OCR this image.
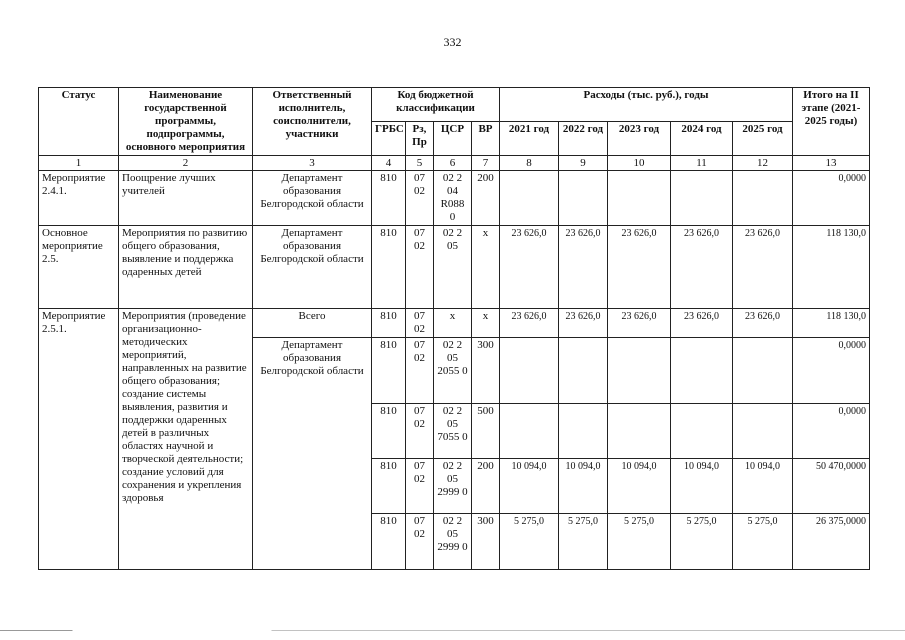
332
Статус	Наименование государственной программы, подпрограммы, основного мероприятия	Ответственный исполнитель, соисполнители, участники	Код бюджетной классификации				Расходы (тыс. руб.), годы					Итого на II этапе (2021-2025 годы)
			ГРБС	Рз, Пр	ЦСР	ВР	2021 год	2022 год	2023 год	2024 год	2025 год	
1	2	3	4	5	6	7	8	9	10	11	12	13
Мероприятие 2.4.1.	Поощрение лучших учителей	Департамент образования Белгородской области	810	07 02	02 2 04 R088 0	200						0,0000
Основное мероприятие 2.5.	Мероприятия по развитию общего образования, выявление и поддержка одаренных детей	Департамент образования Белгородской области	810	07 02	02 2 05	x	23 626,0	23 626,0	23 626,0	23 626,0	23 626,0	118 130,0
Мероприятие 2.5.1.	Мероприятия (проведение организационно-методических мероприятий, направленных на развитие общего образования; создание системы выявления, развития и поддержки одаренных детей в различных областях научной и творческой деятельности; создание условий для сохранения и укрепления здоровья	Всего	810	07 02	x	x	23 626,0	23 626,0	23 626,0	23 626,0	23 626,0	118 130,0
		Департамент образования Белгородской области	810	07 02	02 2 05 2055 0	300						0,0000
			810	07 02	02 2 05 7055 0	500						0,0000
			810	07 02	02 2 05 2999 0	200	10 094,0	10 094,0	10 094,0	10 094,0	10 094,0	50 470,0000
			810	07 02	02 2 05 2999 0	300	5 275,0	5 275,0	5 275,0	5 275,0	5 275,0	26 375,0000
